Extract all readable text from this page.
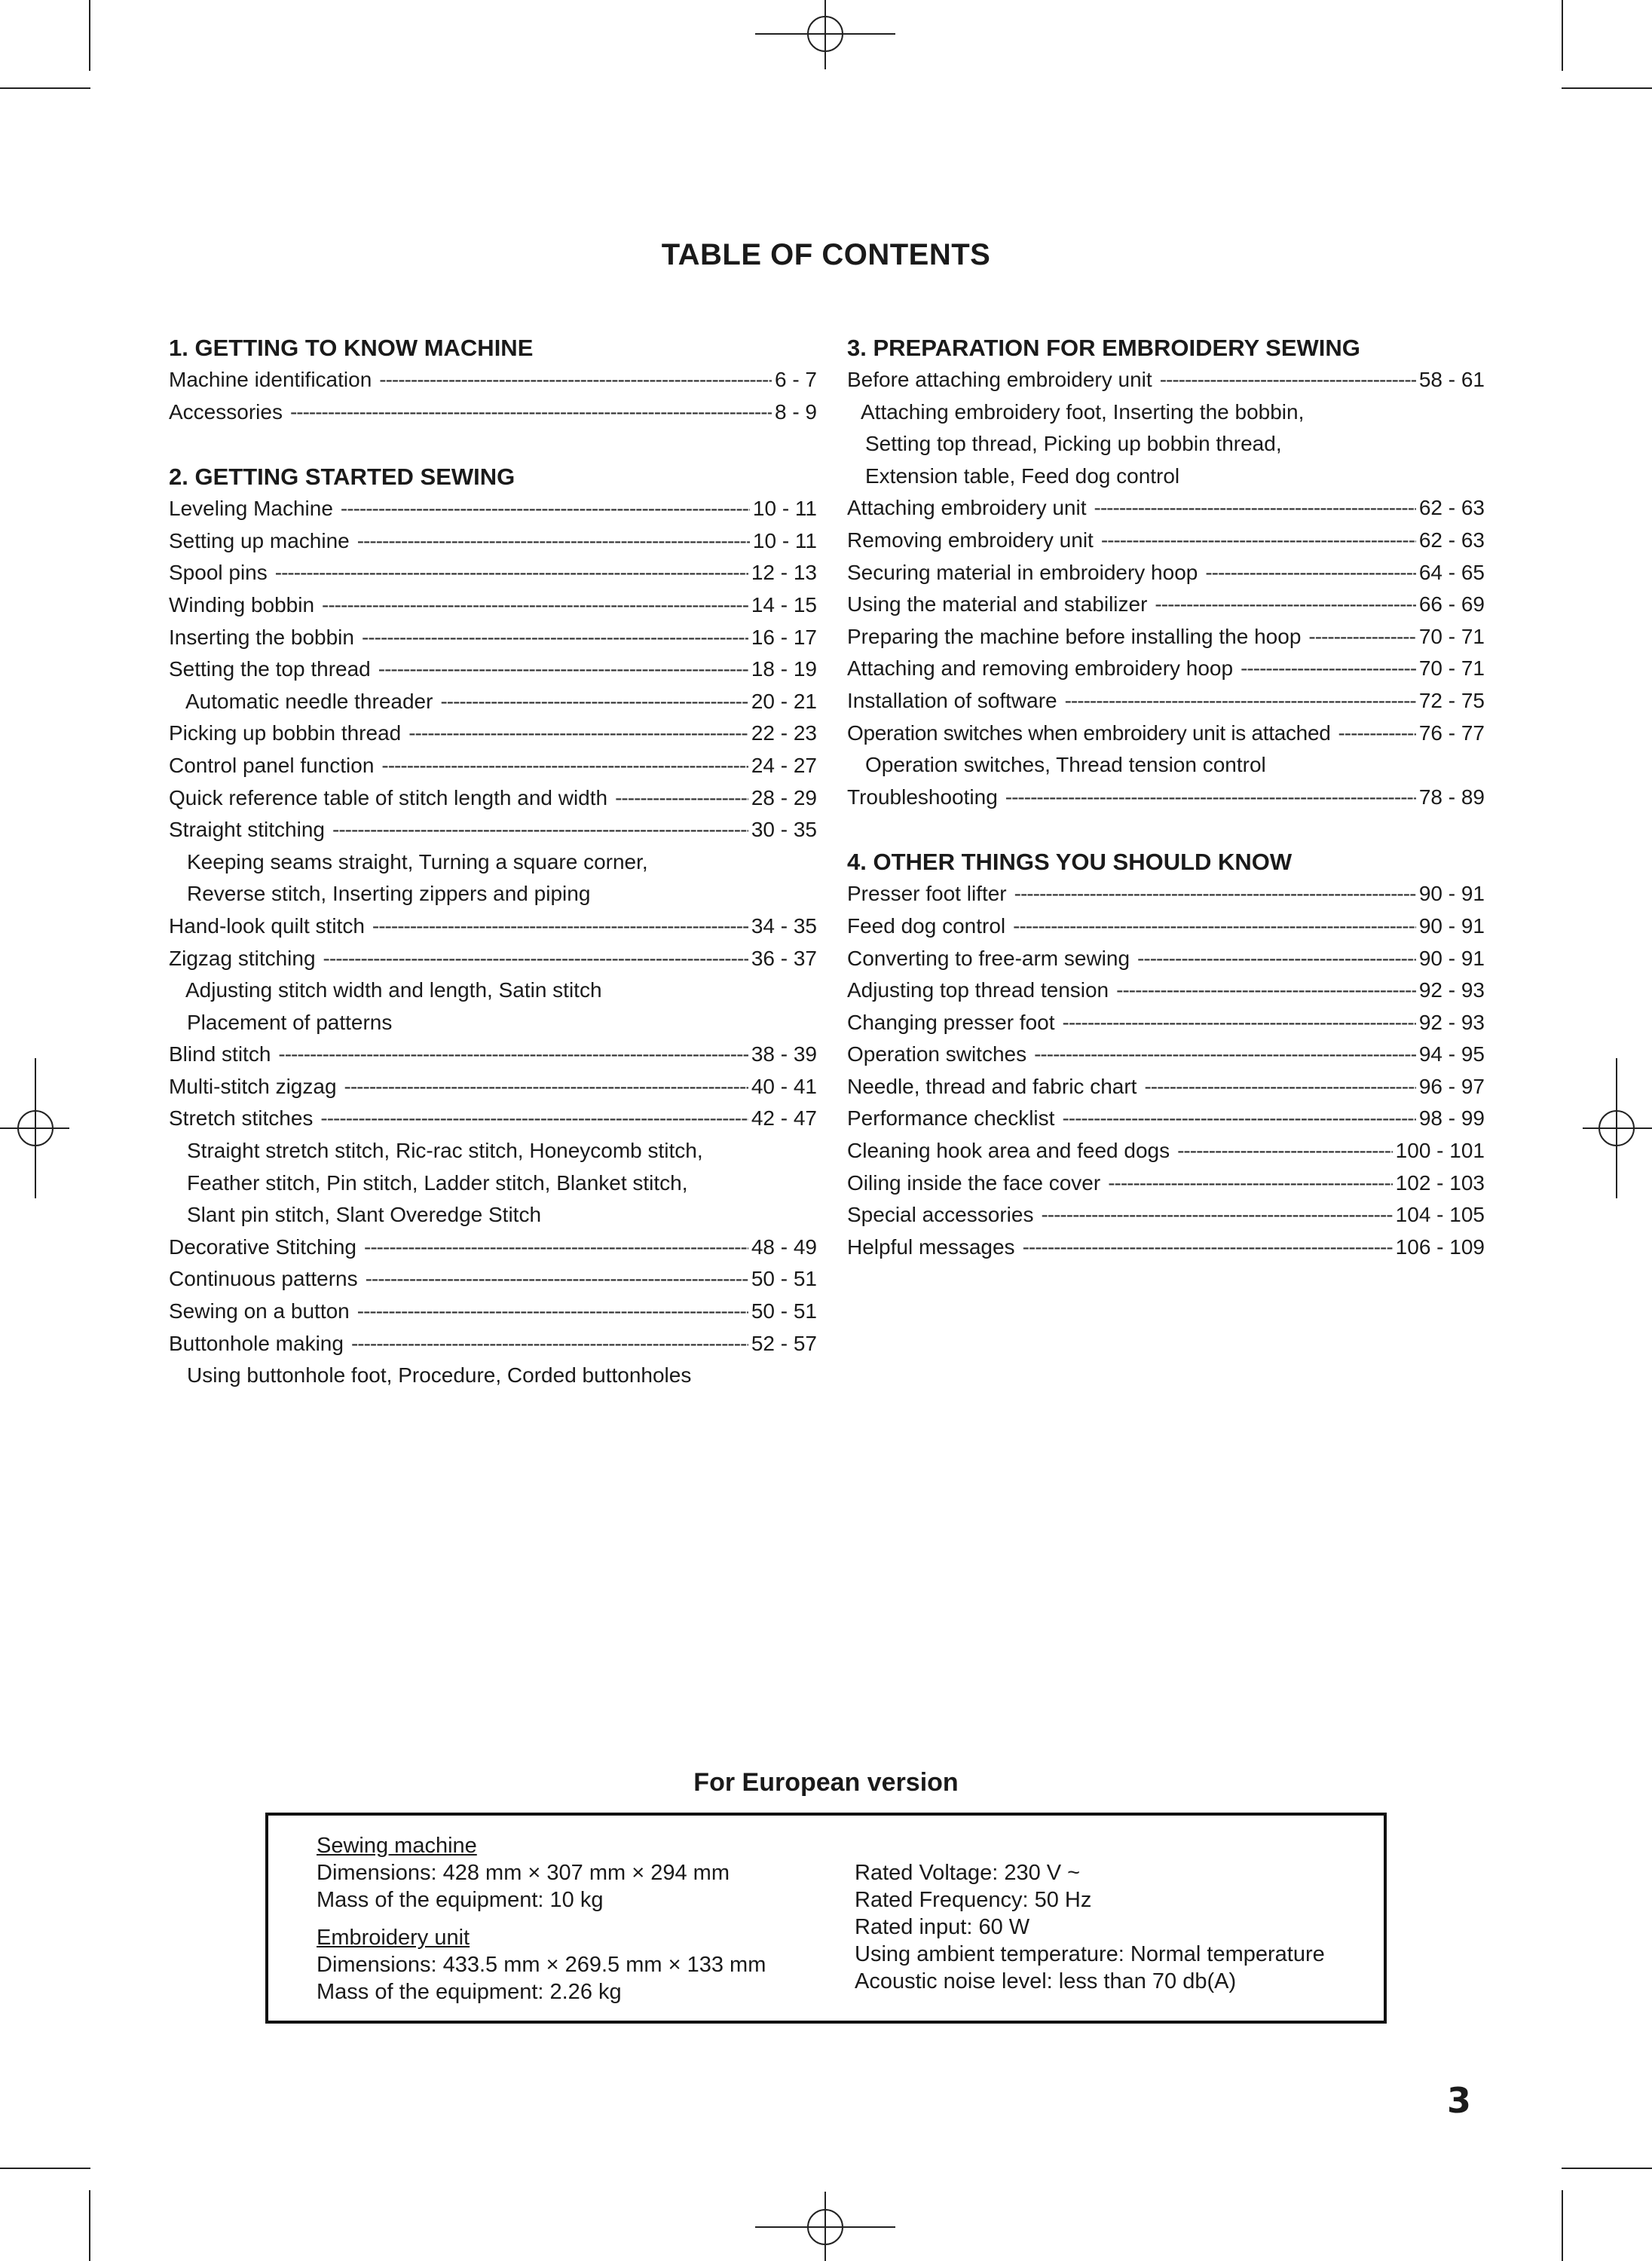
TABLE OF CONTENTS
1. GETTING TO KNOW MACHINE
Machine identification -----	6 - 7
Accessories -----	8 - 9
2. GETTING STARTED SEWING
Leveling Machine -----	10 - 11
Setting up machine -----	10 - 11
Spool pins -----	12 - 13
Winding bobbin -----	14 - 15
Inserting the bobbin -----	16 - 17
Setting the top thread -----	18 - 19
Automatic needle threader -----	20 - 21
Picking up bobbin thread -----	22 - 23
Control panel function -----	24 - 27
Quick reference table of stitch length and width -----	28 - 29
Straight stitching -----	30 - 35
Keeping seams straight, Turning a square corner,
Reverse stitch, Inserting zippers and piping
Hand-look quilt stitch -----	34 - 35
Zigzag stitching -----	36 - 37
Adjusting stitch width and length, Satin stitch
Placement of patterns
Blind stitch -----	38 - 39
Multi-stitch zigzag -----	40 - 41
Stretch stitches -----	42 - 47
Straight stretch stitch, Ric-rac stitch, Honeycomb stitch,
Feather stitch, Pin stitch, Ladder stitch, Blanket stitch,
Slant pin stitch, Slant Overedge Stitch
Decorative Stitching -----	48 - 49
Continuous patterns -----	50 - 51
Sewing on a button -----	50 - 51
Buttonhole making -----	52 - 57
Using buttonhole foot, Procedure, Corded buttonholes
3. PREPARATION FOR EMBROIDERY SEWING
Before attaching embroidery unit -----	58 - 61
Attaching embroidery foot, Inserting the bobbin,
Setting top thread, Picking up bobbin thread,
Extension table, Feed dog control
Attaching embroidery unit -----	62 - 63
Removing embroidery unit -----	62 - 63
Securing material in embroidery hoop -----	64 - 65
Using the material and stabilizer -----	66 - 69
Preparing the machine before installing the hoop -----	70 - 71
Attaching and removing embroidery hoop -----	70 - 71
Installation of software -----	72 - 75
Operation switches when embroidery unit is attached -----	76 - 77
Operation switches, Thread tension control
Troubleshooting -----	78 - 89
4. OTHER THINGS YOU SHOULD KNOW
Presser foot lifter -----	90 - 91
Feed dog control -----	90 - 91
Converting to free-arm sewing -----	90 - 91
Adjusting top thread tension -----	92 - 93
Changing presser foot -----	92 - 93
Operation switches -----	94 - 95
Needle, thread and fabric chart -----	96 - 97
Performance checklist -----	98 - 99
Cleaning hook area and feed dogs -----	100 - 101
Oiling inside the face cover -----	102 - 103
Special accessories -----	104 - 105
Helpful messages -----	106 - 109
For European version
Sewing machine
Dimensions: 428 mm × 307 mm × 294 mm
Mass of the equipment: 10 kg
Embroidery unit
Dimensions: 433.5 mm × 269.5 mm × 133 mm
Mass of the equipment: 2.26 kg
Rated Voltage: 230 V ~
Rated Frequency: 50 Hz
Rated input: 60 W
Using ambient temperature: Normal temperature
Acoustic noise level: less than 70 db(A)
3
